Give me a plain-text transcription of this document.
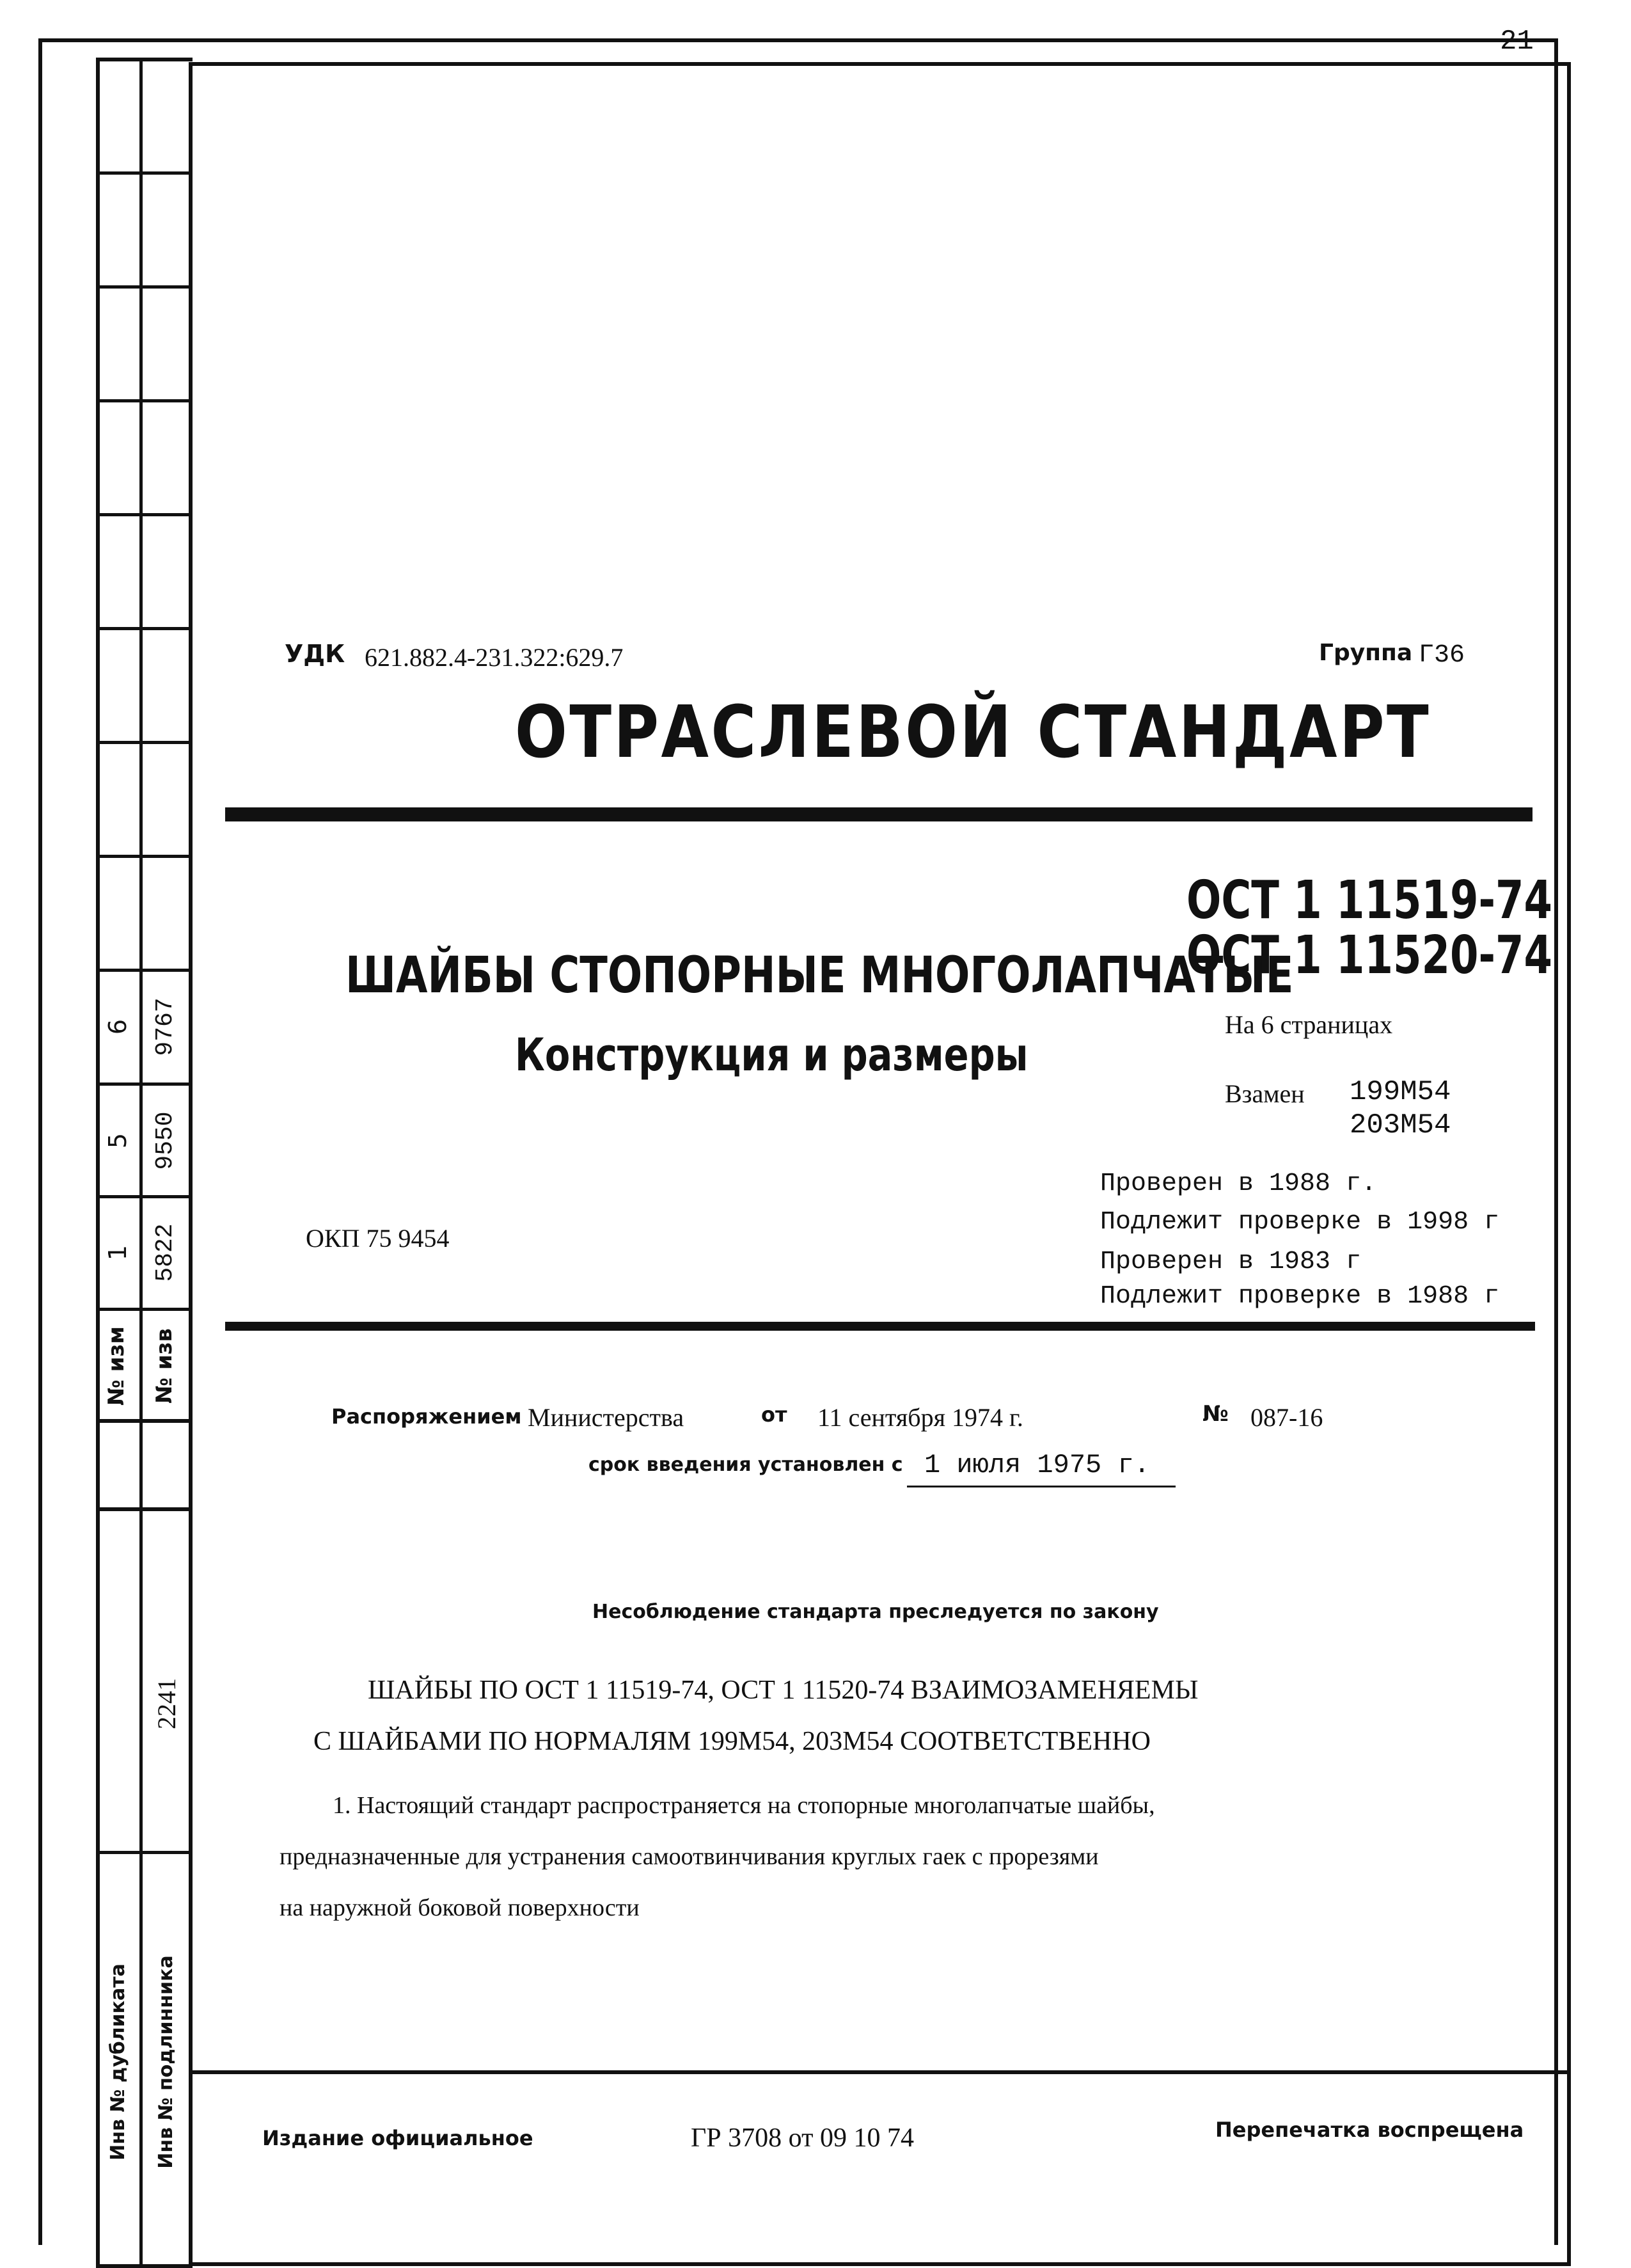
21
№ изм № изв
1 5822
5 9550
6 9767
2241
Инв № дубликата	Инв № подлинника
УДК 621.882.4-231.322:629.7	Группа Г36
ОТРАСЛЕВОЙ СТАНДАРТ
ОСТ 1 11519-74
ОСТ 1 11520-74
ШАЙБЫ СТОПОРНЫЕ МНОГОЛАПЧАТЫЕ
Конструкция и размеры
На 6 страницах
Взамен 199М54
203М54
Проверен в 1988 г.
Подлежит проверке в 1998 г
Проверен в 1983 г
Подлежит проверке в 1988 г
ОКП 75 9454
Распоряжением Министерства	от 11 сентября 1974 г.	№ 087-16
срок введения установлен с 1 июля 1975 г.
Несоблюдение стандарта преследуется по закону
ШАЙБЫ ПО ОСТ 1 11519-74, ОСТ 1 11520-74 ВЗАИМОЗАМЕНЯЕМЫ
С ШАЙБАМИ ПО НОРМАЛЯМ 199М54, 203М54 СООТВЕТСТВЕННО
1. Настоящий стандарт распространяется на стопорные многолапчатые шайбы,
предназначенные для устранения самоотвинчивания круглых гаек с прорезями
на наружной боковой поверхности
Издание официальное	ГР 3708 от 09 10 74	Перепечатка воспрещена
